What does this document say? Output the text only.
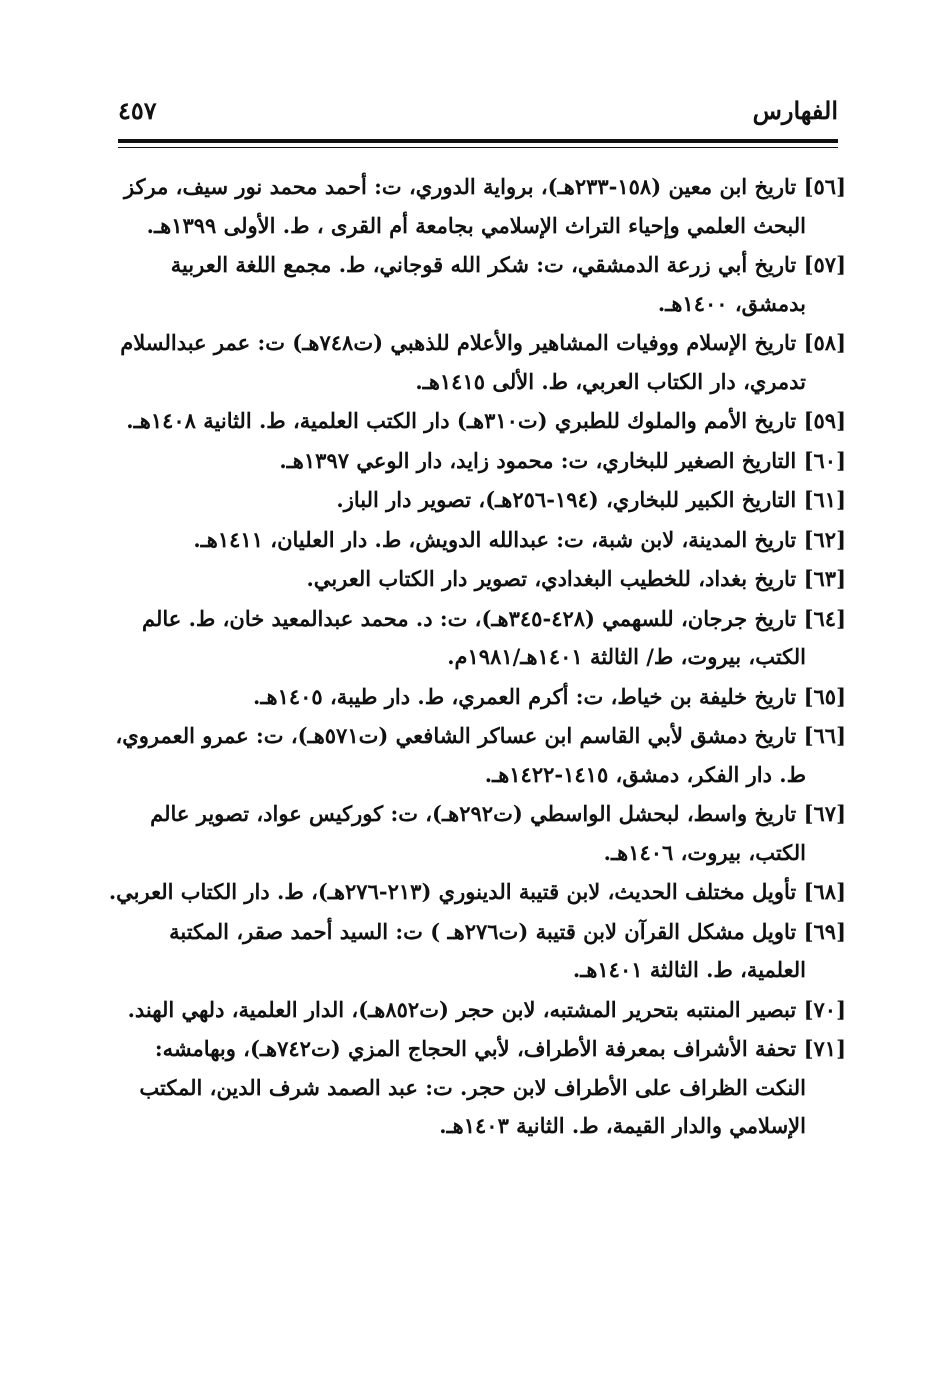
الفهارس
٤٥٧

[٥٦] تاريخ ابن معين (١٥٨-٢٣٣هـ)، برواية الدوري، ت: أحمد محمد نور سيف، مركز البحث العلمي وإحياء التراث الإسلامي بجامعة أم القرى ، ط. الأولى ١٣٩٩هـ.

[٥٧] تاريخ أبي زرعة الدمشقي، ت: شكر الله قوجاني، ط. مجمع اللغة العربية بدمشق، ١٤٠٠هـ.

[٥٨] تاريخ الإسلام ووفيات المشاهير والأعلام للذهبي (ت٧٤٨هـ) ت: عمر عبدالسلام تدمري، دار الكتاب العربي، ط. الألى ١٤١٥هـ.

[٥٩] تاريخ الأمم والملوك للطبري (ت٣١٠هـ) دار الكتب العلمية، ط. الثانية ١٤٠٨هـ.

[٦٠] التاريخ الصغير للبخاري، ت: محمود زايد، دار الوعي ١٣٩٧هـ.

[٦١] التاريخ الكبير للبخاري، (١٩٤-٢٥٦هـ)، تصوير دار الباز.

[٦٢] تاريخ المدينة، لابن شبة، ت: عبدالله الدويش، ط. دار العليان، ١٤١١هـ.

[٦٣] تاريخ بغداد، للخطيب البغدادي، تصوير دار الكتاب العربي.

[٦٤] تاريخ جرجان، للسهمي (٤٢٨-٣٤٥هـ)، ت: د. محمد عبدالمعيد خان، ط. عالم الكتب، بيروت، ط/ الثالثة ١٤٠١هـ/١٩٨١م.

[٦٥] تاريخ خليفة بن خياط، ت: أكرم العمري، ط. دار طيبة، ١٤٠٥هـ.

[٦٦] تاريخ دمشق لأبي القاسم ابن عساكر الشافعي (ت٥٧١هـ)، ت: عمرو العمروي، ط. دار الفكر، دمشق، ١٤١٥-١٤٢٢هـ.

[٦٧] تاريخ واسط، لبحشل الواسطي (ت٢٩٢هـ)، ت: كوركيس عواد، تصوير عالم الكتب، بيروت، ١٤٠٦هـ.

[٦٨] تأويل مختلف الحديث، لابن قتيبة الدينوري (٢١٣-٢٧٦هـ)، ط. دار الكتاب العربي.

[٦٩] تاويل مشكل القرآن لابن قتيبة (ت٢٧٦هـ ) ت: السيد أحمد صقر، المكتبة العلمية، ط. الثالثة ١٤٠١هـ.

[٧٠] تبصير المنتبه بتحرير المشتبه، لابن حجر (ت٨٥٢هـ)، الدار العلمية، دلهي الهند.

[٧١] تحفة الأشراف بمعرفة الأطراف، لأبي الحجاج المزي (ت٧٤٢هـ)، وبهامشه: النكت الظراف على الأطراف لابن حجر. ت: عبد الصمد شرف الدين، المكتب الإسلامي والدار القيمة، ط. الثانية ١٤٠٣هـ.
